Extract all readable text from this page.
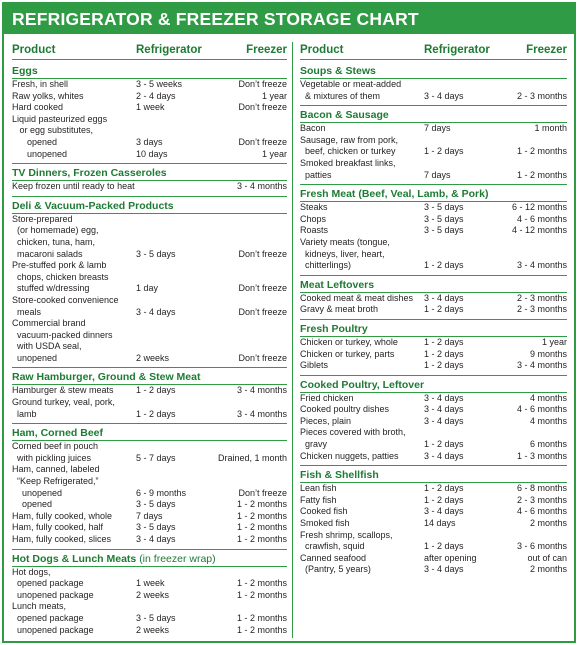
REFRIGERATOR & FREEZER STORAGE CHART
Product	Refrigerator	Freezer
Eggs
Fresh, in shell	3 - 5 weeks	Don’t freeze
Raw yolks, whites	2 - 4 days	1 year
Hard cooked	1 week	Don’t freeze
Liquid pasteurized eggs
or egg substitutes,
opened	3 days	Don’t freeze
unopened	10 days	1 year
TV Dinners, Frozen Casseroles
Keep frozen until ready to heat	3 - 4 months
Deli & Vacuum-Packed Products
Store-prepared
(or homemade) egg,
chicken, tuna, ham,
macaroni salads	3 - 5 days	Don’t freeze
Pre-stuffed pork & lamb
chops, chicken breasts
stuffed w/dressing	1 day	Don’t freeze
Store-cooked convenience
meals	3 - 4 days	Don’t freeze
Commercial brand
vacuum-packed dinners
with USDA seal,
unopened	2 weeks	Don’t freeze
Raw Hamburger, Ground & Stew Meat
Hamburger & stew meats 1 - 2 days	3 - 4 months
Ground turkey, veal, pork,
lamb	1 - 2 days	3 - 4 months
Ham, Corned Beef
Corned beef in pouch
with pickling juices	5 - 7 days	Drained, 1 month
Ham, canned, labeled
“Keep Refrigerated,”
unopened	6 - 9 months	Don’t freeze
opened	3 - 5 days	1 - 2 months
Ham, fully cooked, whole	7 days	1 - 2 months
Ham, fully cooked, half	3 - 5 days	1 - 2 months
Ham, fully cooked, slices	3 - 4 days	1 - 2 months
Hot Dogs & Lunch Meats (in freezer wrap)
Hot dogs,
opened package	1 week	1 - 2 months
unopened package	2 weeks	1 - 2 months
Lunch meats,
opened package	3 - 5 days	1 - 2 months
unopened package	2 weeks	1 - 2 months
Product	Refrigerator	Freezer
Soups & Stews
Vegetable or meat-added
& mixtures of them	3 - 4 days	2 - 3 months
Bacon & Sausage
Bacon	7 days	1 month
Sausage, raw from pork,
beef, chicken or turkey	1 - 2 days	1 - 2 months
Smoked breakfast links,
patties	7 days	1 - 2 months
Fresh Meat (Beef, Veal, Lamb, & Pork)
Steaks	3 - 5 days	6 - 12 months
Chops	3 - 5 days	4 - 6 months
Roasts	3 - 5 days	4 - 12 months
Variety meats (tongue,
kidneys, liver, heart,
chitterlings)	1 - 2 days	3 - 4 months
Meat Leftovers
Cooked meat & meat dishes 3 - 4 days	2 - 3 months
Gravy & meat broth	1 - 2 days	2 - 3 months
Fresh Poultry
Chicken or turkey, whole	1 - 2 days	1 year
Chicken or turkey, parts	1 - 2 days	9 months
Giblets	1 - 2 days	3 - 4 months
Cooked Poultry, Leftover
Fried chicken	3 - 4 days	4 months
Cooked poultry dishes	3 - 4 days	4 - 6 months
Pieces, plain	3 - 4 days	4 months
Pieces covered with broth,
gravy	1 - 2 days	6 months
Chicken nuggets, patties	3 - 4 days	1 - 3 months
Fish & Shellfish
Lean fish	1 - 2 days	6 - 8 months
Fatty fish	1 - 2 days	2 - 3 months
Cooked fish	3 - 4 days	4 - 6 months
Smoked fish	14 days	2 months
Fresh shrimp, scallops,
crawfish, squid	1 - 2 days	3 - 6 months
Canned seafood	after opening	out of can
(Pantry, 5 years)	3 - 4 days	2 months
